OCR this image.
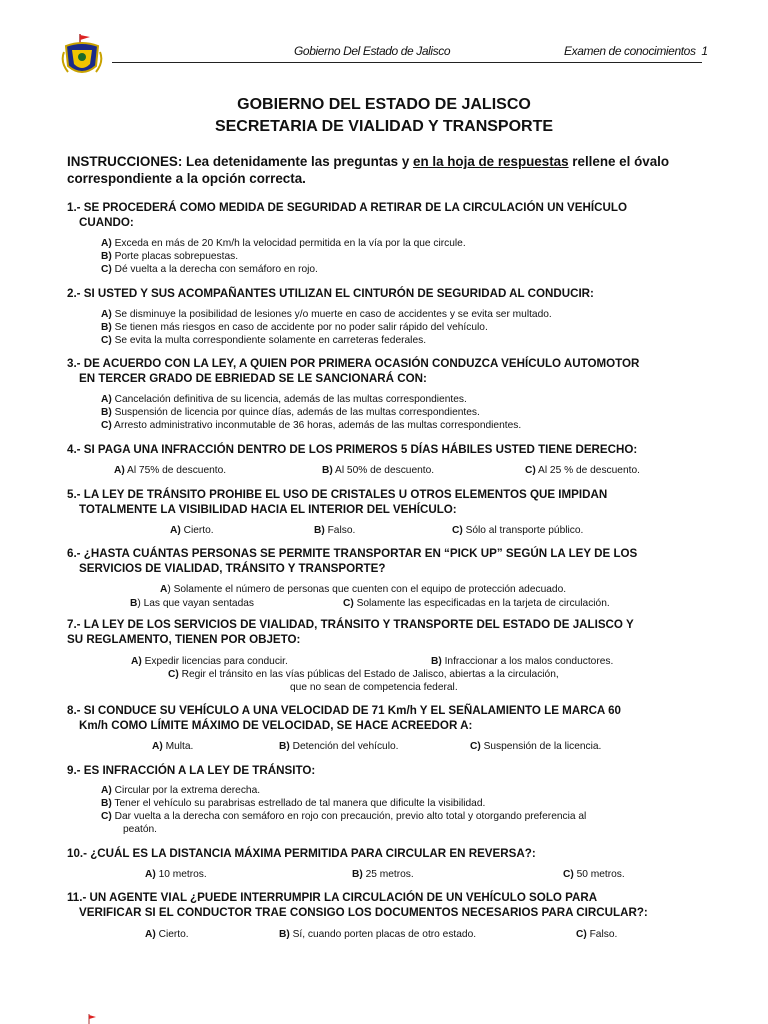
Gobierno Del Estado de Jalisco	Examen de conocimientos 1
GOBIERNO DEL ESTADO DE JALISCO
SECRETARIA DE VIALIDAD Y TRANSPORTE
INSTRUCCIONES: Lea detenidamente las preguntas y en la hoja de respuestas rellene el óvalo correspondiente a la opción correcta.
1.- SE PROCEDERÁ COMO MEDIDA DE SEGURIDAD A RETIRAR DE LA CIRCULACIÓN UN VEHÍCULO
CUANDO:
A) Exceda en más de 20 Km/h la velocidad permitida en la vía por la que circule.
B) Porte placas sobrepuestas.
C) Dé vuelta a la derecha con semáforo en rojo.
2.- SI USTED Y SUS ACOMPAÑANTES UTILIZAN EL CINTURÓN DE SEGURIDAD AL CONDUCIR:
A) Se disminuye la posibilidad de lesiones y/o muerte en caso de accidentes y se evita ser multado.
B) Se tienen más riesgos en caso de accidente por no poder salir rápido del vehículo.
C) Se evita la multa correspondiente solamente en carreteras federales.
3.- DE ACUERDO CON LA LEY, A QUIEN POR PRIMERA OCASIÓN CONDUZCA VEHÍCULO AUTOMOTOR
EN TERCER GRADO DE EBRIEDAD SE LE SANCIONARÁ CON:
A) Cancelación definitiva de su licencia, además de las multas correspondientes.
B) Suspensión de licencia por quince días, además de las multas correspondientes.
C) Arresto administrativo inconmutable de 36 horas, además de las multas correspondientes.
4.- SI PAGA UNA INFRACCIÓN DENTRO DE LOS PRIMEROS 5 DÍAS HÁBILES USTED TIENE DERECHO:
A) Al 75% de descuento.	B) Al 50% de descuento.	C) Al 25 % de descuento.
5.- LA LEY DE TRÁNSITO PROHIBE EL USO DE CRISTALES U OTROS ELEMENTOS QUE IMPIDAN
TOTALMENTE LA VISIBILIDAD HACIA EL INTERIOR DEL VEHÍCULO:
A) Cierto.	B) Falso.	C) Sólo al transporte público.
6.- ¿HASTA CUÁNTAS PERSONAS SE PERMITE TRANSPORTAR EN “PICK UP” SEGÚN LA LEY DE LOS
SERVICIOS DE VIALIDAD, TRÁNSITO Y TRANSPORTE?
A) Solamente el número de personas que cuenten con el equipo de protección adecuado.
B) Las que vayan sentadas	C) Solamente las especificadas en la tarjeta de circulación.
7.- LA LEY DE LOS SERVICIOS DE VIALIDAD, TRÁNSITO Y TRANSPORTE DEL ESTADO DE JALISCO Y
SU REGLAMENTO, TIENEN POR OBJETO:
A) Expedir licencias para conducir.	B) Infraccionar a los malos conductores.
C) Regir el tránsito en las vías públicas del Estado de Jalisco, abiertas a la circulación,
que no sean de competencia federal.
8.- SI CONDUCE SU VEHÍCULO A UNA VELOCIDAD DE 71 Km/h Y EL SEÑALAMIENTO LE MARCA 60
Km/h COMO LÍMITE MÁXIMO DE VELOCIDAD, SE HACE ACREEDOR A:
A) Multa.	B) Detención del vehículo.	C) Suspensión de la licencia.
9.- ES INFRACCIÓN A LA LEY DE TRÁNSITO:
A) Circular por la extrema derecha.
B) Tener el vehículo su parabrisas estrellado de tal manera que dificulte la visibilidad.
C) Dar vuelta a la derecha con semáforo en rojo con precaución, previo alto total y otorgando preferencia al
peatón.
10.- ¿CUÁL ES LA DISTANCIA MÁXIMA PERMITIDA PARA CIRCULAR EN REVERSA?:
A) 10 metros.	B) 25 metros.	C) 50 metros.
11.- UN AGENTE VIAL ¿PUEDE INTERRUMPIR LA CIRCULACIÓN DE UN VEHÍCULO SOLO PARA
VERIFICAR SI EL CONDUCTOR TRAE CONSIGO LOS DOCUMENTOS NECESARIOS PARA CIRCULAR?:
A) Cierto.	B) Sí, cuando porten placas de otro estado.	C) Falso.
